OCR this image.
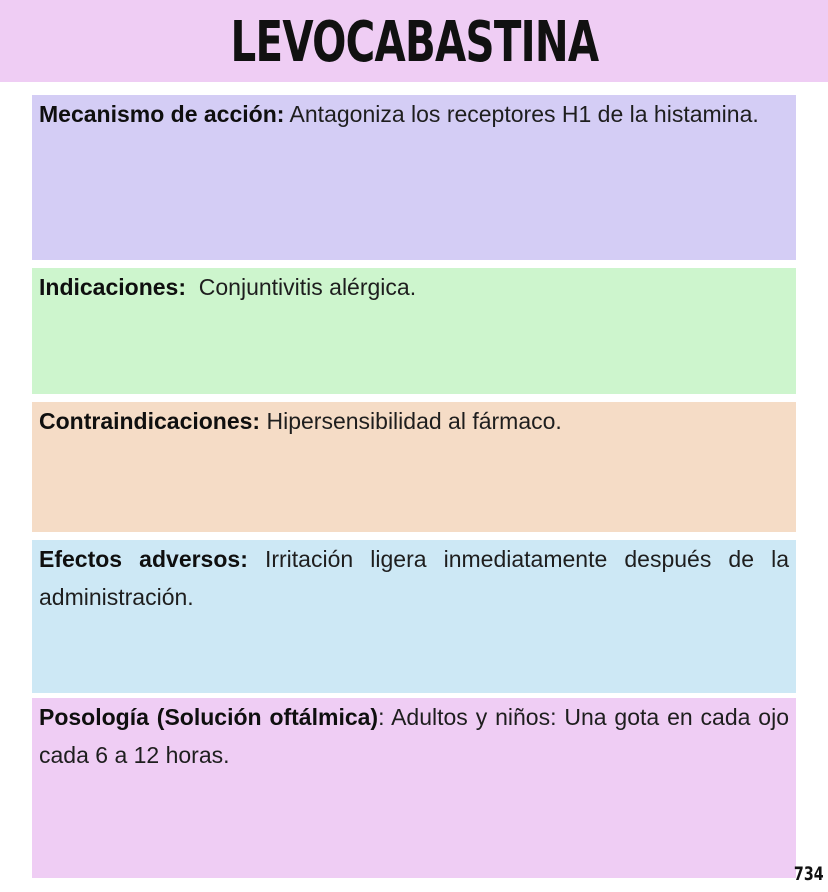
LEVOCABASTINA

Mecanismo de acción: Antagoniza los receptores H1 de la histamina.

Indicaciones: Conjuntivitis alérgica.

Contraindicaciones: Hipersensibilidad al fármaco.

Efectos adversos: Irritación ligera inmediatamente después de la administración.

Posología (Solución oftálmica): Adultos y niños: Una gota en cada ojo cada 6 a 12 horas.

734
